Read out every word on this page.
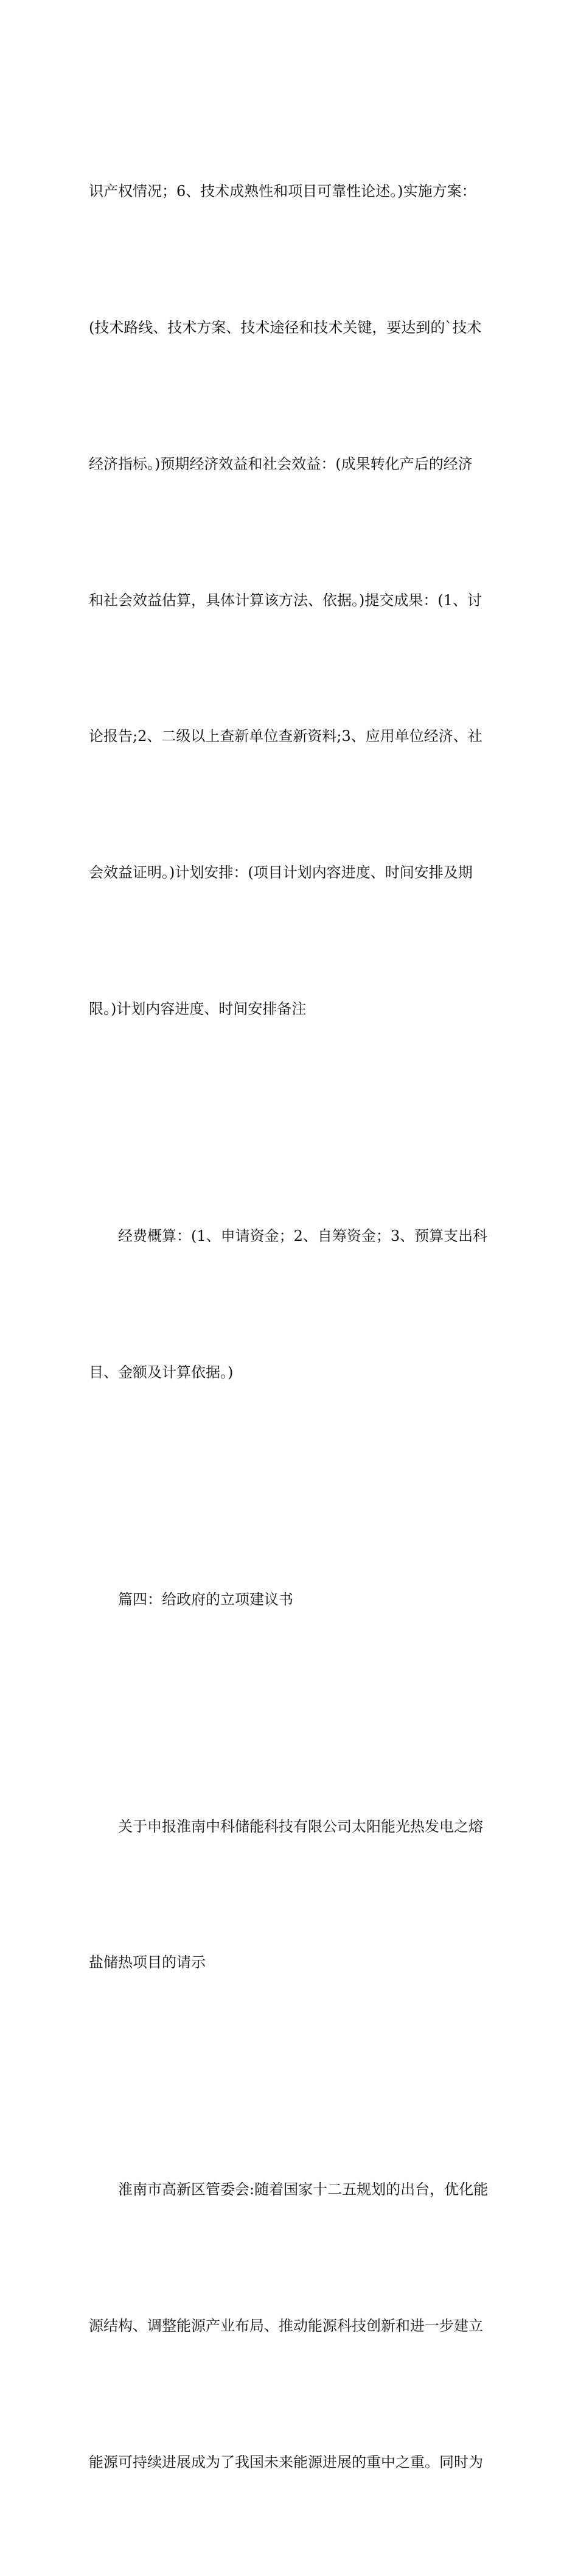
识产权情况；6、技术成熟性和项目可靠性论述。)实施方案：

(技术路线、技术方案、技术途径和技术关键，要达到的`技术

经济指标。)预期经济效益和社会效益：(成果转化产后的经济

和社会效益估算，具体计算该方法、依据。)提交成果：(1、讨

论报告;2、二级以上查新单位查新资料;3、应用单位经济、社

会效益证明。)计划安排：(项目计划内容进度、时间安排及期

限。)计划内容进度、时间安排备注

经费概算：(1、申请资金；2、自筹资金；3、预算支出科

目、金额及计算依据。)

篇四：给政府的立项建议书

关于申报淮南中科储能科技有限公司太阳能光热发电之熔

盐储热项目的请示

淮南市高新区管委会:随着国家十二五规划的出台，优化能

源结构、调整能源产业布局、推动能源科技创新和进一步建立

能源可持续进展成为了我国未来能源进展的重中之重。同时为
